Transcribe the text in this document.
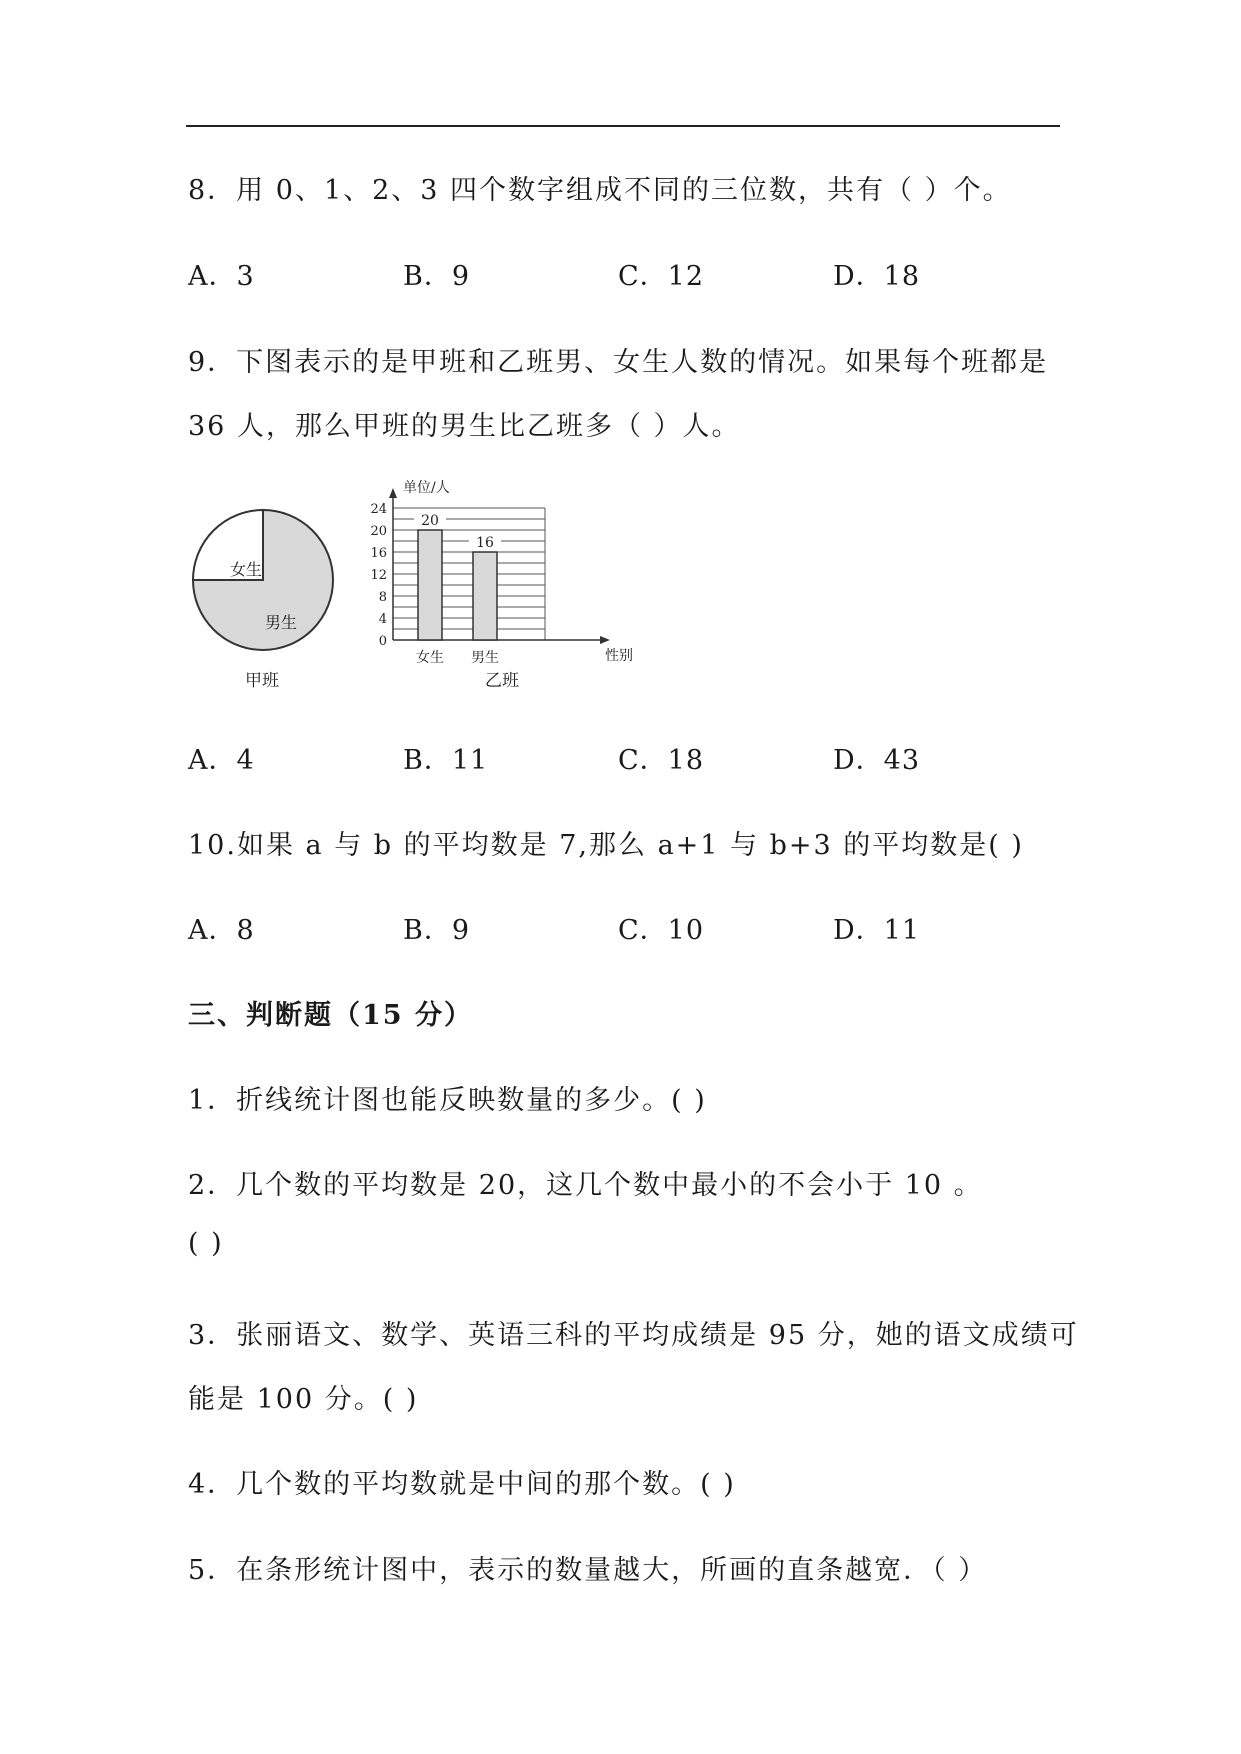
8．用 0、1、2、3 四个数字组成不同的三位数，共有（ ）个。
A．3	B．9	C．12	D．18
9．下图表示的是甲班和乙班男、女生人数的情况。如果每个班都是
36 人，那么甲班的男生比乙班多（ ）人。
女生
男生
甲班
单位/人
性别
0
4
8
12
16
20
24
20
女生
16
男生
乙班
A．4	B．11	C．18	D．43
10.如果 a 与 b 的平均数是 7,那么 a+1 与 b+3 的平均数是( )
A．8	B．9	C．10	D．11
三、判断题（15 分）
1．折线统计图也能反映数量的多少。( )
2．几个数的平均数是 20，这几个数中最小的不会小于 10 。
( )
3．张丽语文、数学、英语三科的平均成绩是 95 分，她的语文成绩可
能是 100 分。( )
4．几个数的平均数就是中间的那个数。( )
5．在条形统计图中，表示的数量越大，所画的直条越宽．（ ）
